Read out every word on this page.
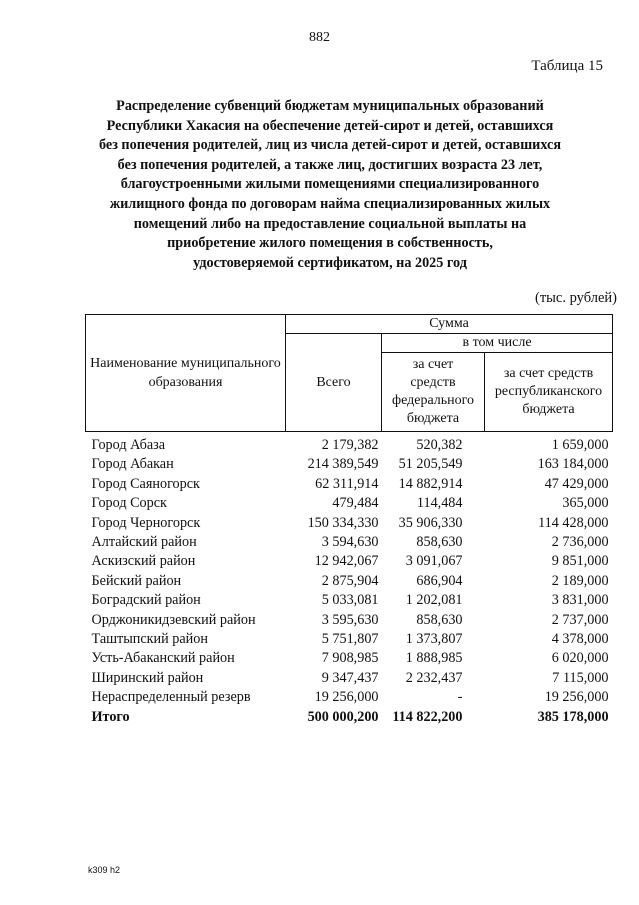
882
Таблица 15
Распределение субвенций бюджетам муниципальных образований
Республики Хакасия на обеспечение детей-сирот и детей, оставшихся
без попечения родителей, лиц из числа детей-сирот и детей, оставшихся
без попечения родителей, а также лиц, достигших возраста 23 лет,
благоустроенными жилыми помещениями специализированного
жилищного фонда по договорам найма специализированных жилых
помещений либо на предоставление социальной выплаты на
приобретение жилого помещения в собственность,
удостоверяемой сертификатом, на 2025 год
(тыс. рублей)
Наименование муниципального образования	Сумма		
	Всего	в том числе	
		за счет средств федерального бюджета	за счет средств республиканского бюджета
Город Абаза	2 179,382	520,382	1 659,000
Город Абакан	214 389,549	51 205,549	163 184,000
Город Саяногорск	62 311,914	14 882,914	47 429,000
Город Сорск	479,484	114,484	365,000
Город Черногорск	150 334,330	35 906,330	114 428,000
Алтайский район	3 594,630	858,630	2 736,000
Аскизский район	12 942,067	3 091,067	9 851,000
Бейский район	2 875,904	686,904	2 189,000
Боградский район	5 033,081	1 202,081	3 831,000
Орджоникидзевский район	3 595,630	858,630	2 737,000
Таштыпский район	5 751,807	1 373,807	4 378,000
Усть-Абаканский район	7 908,985	1 888,985	6 020,000
Ширинский район	9 347,437	2 232,437	7 115,000
Нераспределенный резерв	19 256,000	-	19 256,000
Итого	500 000,200	114 822,200	385 178,000
k309 h2
